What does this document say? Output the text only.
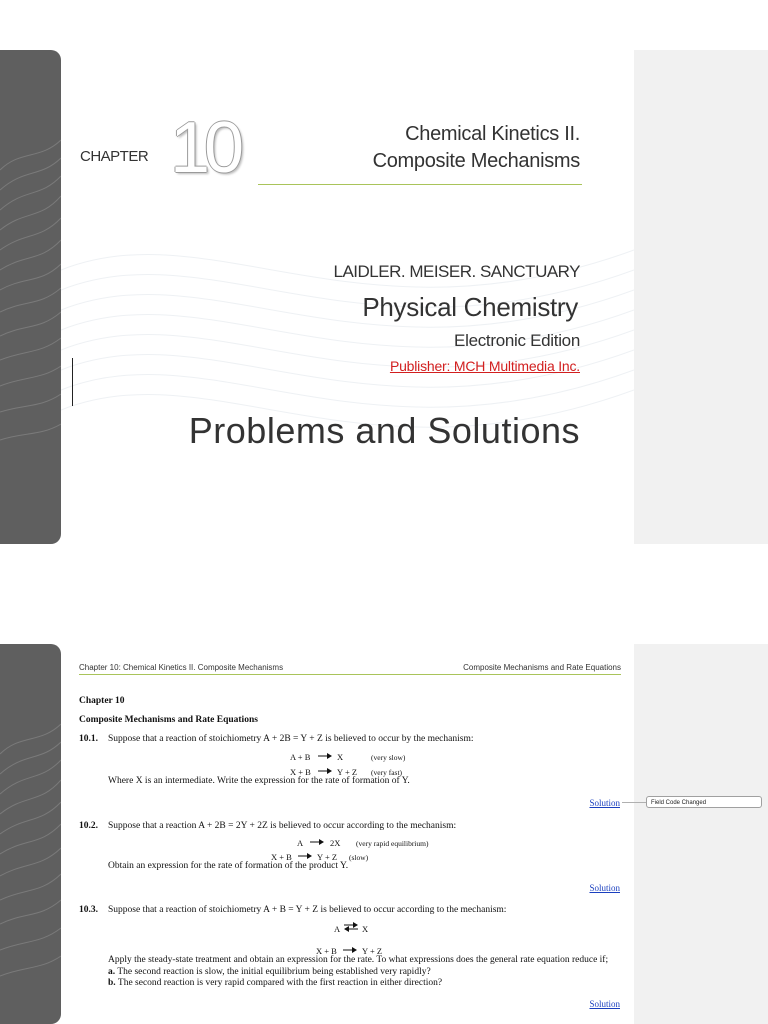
CHAPTER 10	Chemical Kinetics II.
Composite Mechanisms
LAIDLER. MEISER. SANCTUARY
Physical Chemistry
Electronic Edition
Publisher: MCH Multimedia Inc.
Problems and Solutions
Chapter 10: Chemical Kinetics II. Composite Mechanisms	Composite Mechanisms and Rate Equations
Chapter 10
Composite Mechanisms and Rate Equations
10.1. Suppose that a reaction of stoichiometry A + 2B = Y + Z is believed to occur by the mechanism:
A + B	X	(very slow)
X + B	Y + Z (very fast)
Where X is an intermediate. Write the expression for the rate of formation of Y.
Solution	Field Code Changed
10.2. Suppose that a reaction A + 2B = 2Y + 2Z is believed to occur according to the mechanism:
A	2X (very rapid equilibrium)
X + B	Y + Z (slow)
Obtain an expression for the rate of formation of the product Y.
Solution
10.3. Suppose that a reaction of stoichiometry A + B = Y + Z is believed to occur according to the mechanism:
A ⇌ X
X + B	Y + Z
Apply the steady-state treatment and obtain an expression for the rate. To what expressions does the general rate equation reduce if;
a. The second reaction is slow, the initial equilibrium being established very rapidly?
b. The second reaction is very rapid compared with the first reaction in either direction?
Solution
